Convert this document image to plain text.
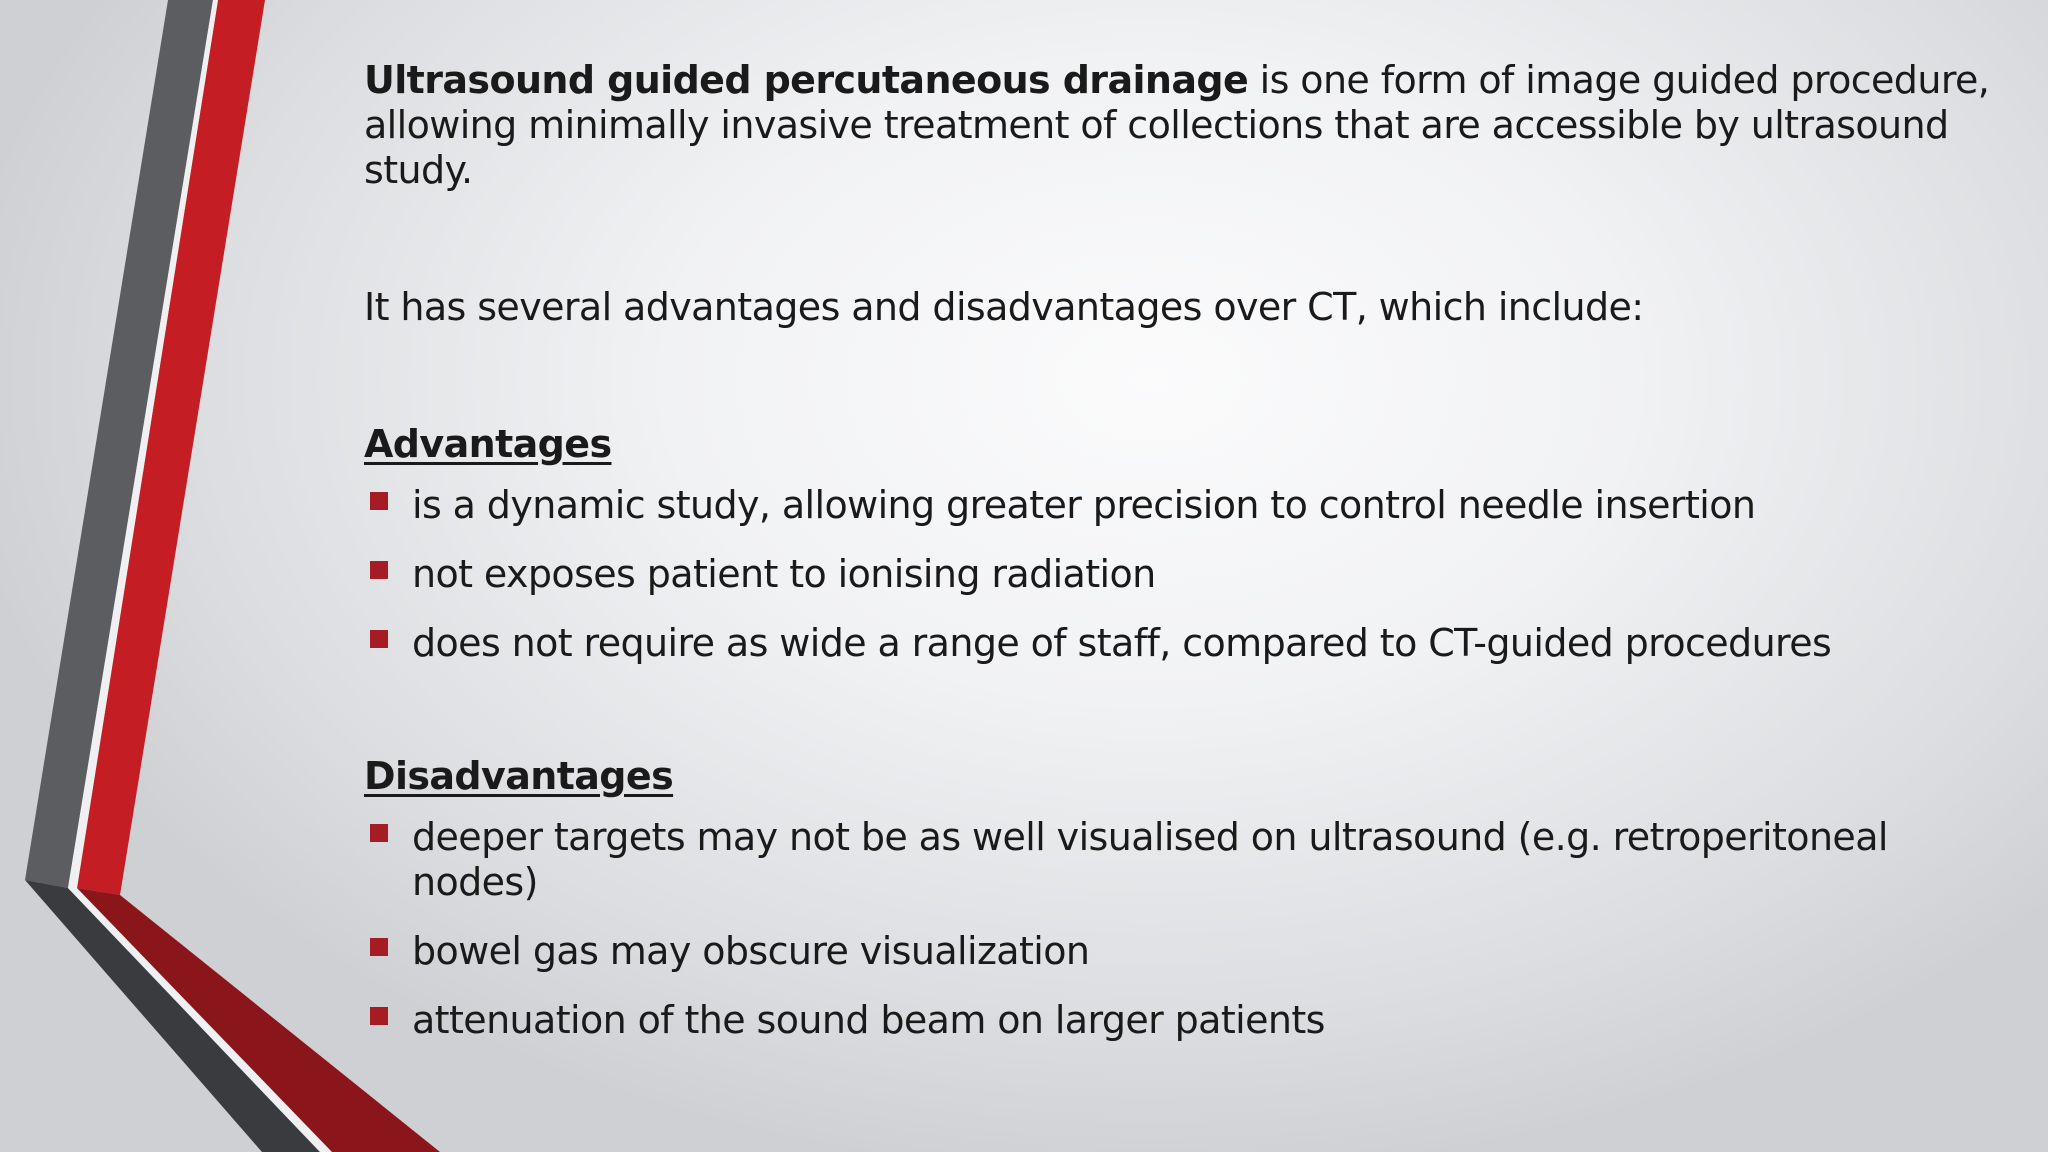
Ultrasound guided percutaneous drainage is one form of image guided procedure, allowing minimally invasive treatment of collections that are accessible by ultrasound study.

It has several advantages and disadvantages over CT, which include:

Advantages
is a dynamic study, allowing greater precision to control needle insertion
not exposes patient to ionising radiation
does not require as wide a range of staff, compared to CT-guided procedures
Disadvantages
deeper targets may not be as well visualised on ultrasound (e.g. retroperitoneal nodes)
bowel gas may obscure visualization
attenuation of the sound beam on larger patients
